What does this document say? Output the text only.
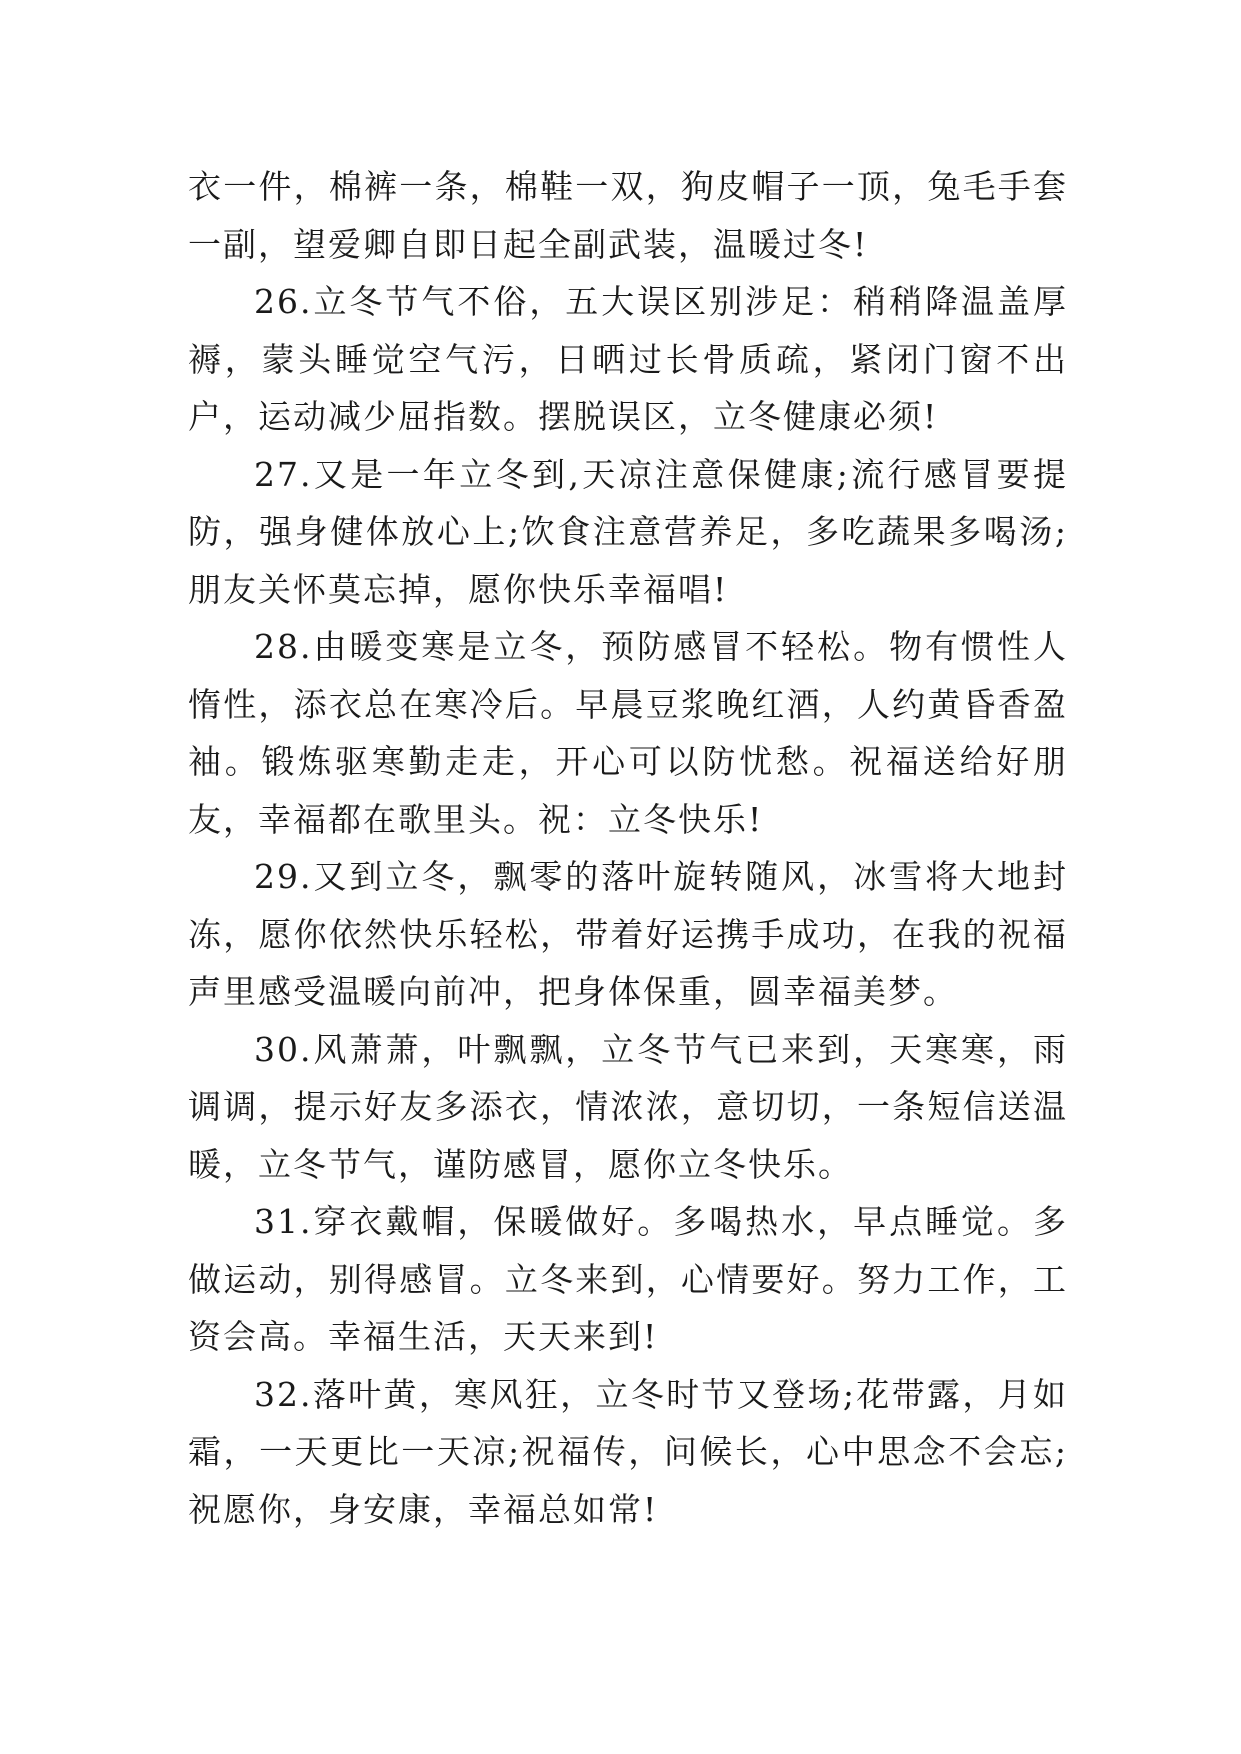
衣一件，棉裤一条，棉鞋一双，狗皮帽子一顶，兔毛手套一副，望爱卿自即日起全副武装，温暖过冬!

26.立冬节气不俗，五大误区别涉足：稍稍降温盖厚褥，蒙头睡觉空气污，日晒过长骨质疏，紧闭门窗不出户，运动减少屈指数。摆脱误区，立冬健康必须!

27.又是一年立冬到,天凉注意保健康;流行感冒要提防，强身健体放心上;饮食注意营养足，多吃蔬果多喝汤;朋友关怀莫忘掉，愿你快乐幸福唱!

28.由暖变寒是立冬，预防感冒不轻松。物有惯性人惰性，添衣总在寒冷后。早晨豆浆晚红酒，人约黄昏香盈袖。锻炼驱寒勤走走，开心可以防忧愁。祝福送给好朋友，幸福都在歌里头。祝：立冬快乐!

29.又到立冬，飘零的落叶旋转随风，冰雪将大地封冻，愿你依然快乐轻松，带着好运携手成功，在我的祝福声里感受温暖向前冲，把身体保重，圆幸福美梦。

30.风萧萧，叶飘飘，立冬节气已来到，天寒寒，雨调调，提示好友多添衣，情浓浓，意切切，一条短信送温暖，立冬节气，谨防感冒，愿你立冬快乐。

31.穿衣戴帽，保暖做好。多喝热水，早点睡觉。多做运动，别得感冒。立冬来到，心情要好。努力工作，工资会高。幸福生活，天天来到!

32.落叶黄，寒风狂，立冬时节又登场;花带露，月如霜，一天更比一天凉;祝福传，问候长，心中思念不会忘;祝愿你，身安康，幸福总如常!
